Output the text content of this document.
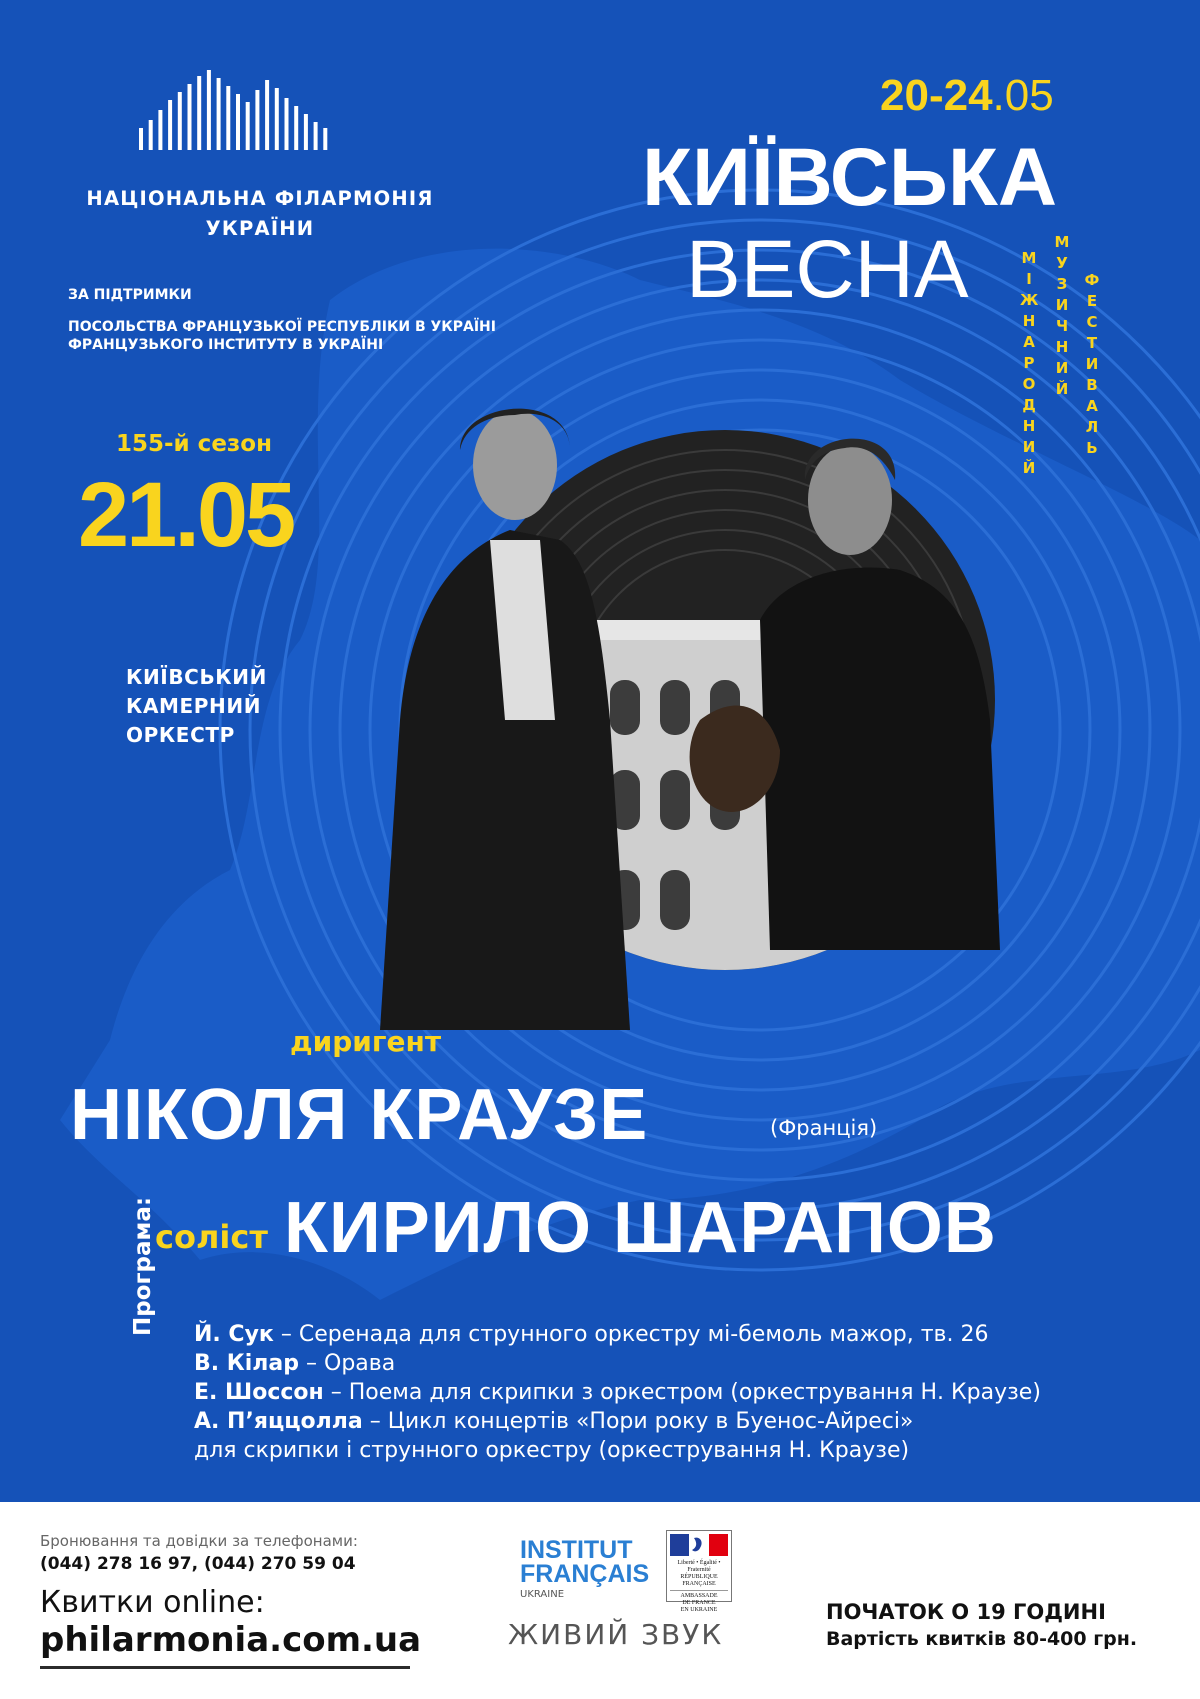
НАЦІОНАЛЬНА ФІЛАРМОНІЯ
УКРАЇНИ
ЗА ПІДТРИМКИ
ПОСОЛЬСТВА ФРАНЦУЗЬКОЇ РЕСПУБЛІКИ В УКРАЇНІ
ФРАНЦУЗЬКОГО ІНСТИТУТУ В УКРАЇНІ
155-й сезон
21.05
КИЇВСЬКИЙ
КАМЕРНИЙ
ОРКЕСТР
20-24.05
КИЇВСЬКА
ВЕСНА	МІЖНАРОДНИЙ
МУЗИЧНИЙ
ФЕСТИВАЛЬ
диригент
НІКОЛЯ КРАУЗЕ	(Франція)
соліст КИРИЛО ШАРАПОВ
Програма: Й. Сук – Серенада для струнного оркестру мі-бемоль мажор, тв. 26
В. Кілар – Орава
Е. Шоссон – Поема для скрипки з оркестром (оркестрування Н. Краузе)
А. П’яццолла – Цикл концертів «Пори року в Буенос-Айресі»
для скрипки і струнного оркестру (оркестрування Н. Краузе)
Бронювання та довідки за телефонами:
(044) 278 16 97, (044) 270 59 04
Квитки online:
philarmonia.com.ua
INSTITUT
FRANÇAIS
UKRAINE
Liberté • Égalité • Fraternité
RÉPUBLIQUE FRANÇAISE
AMBASSADE
DE FRANCE
EN UKRAINE
ЖИВИЙ ЗВУК
ПОЧАТОК О 19 ГОДИНІ
Вартість квитків 80-400 грн.
